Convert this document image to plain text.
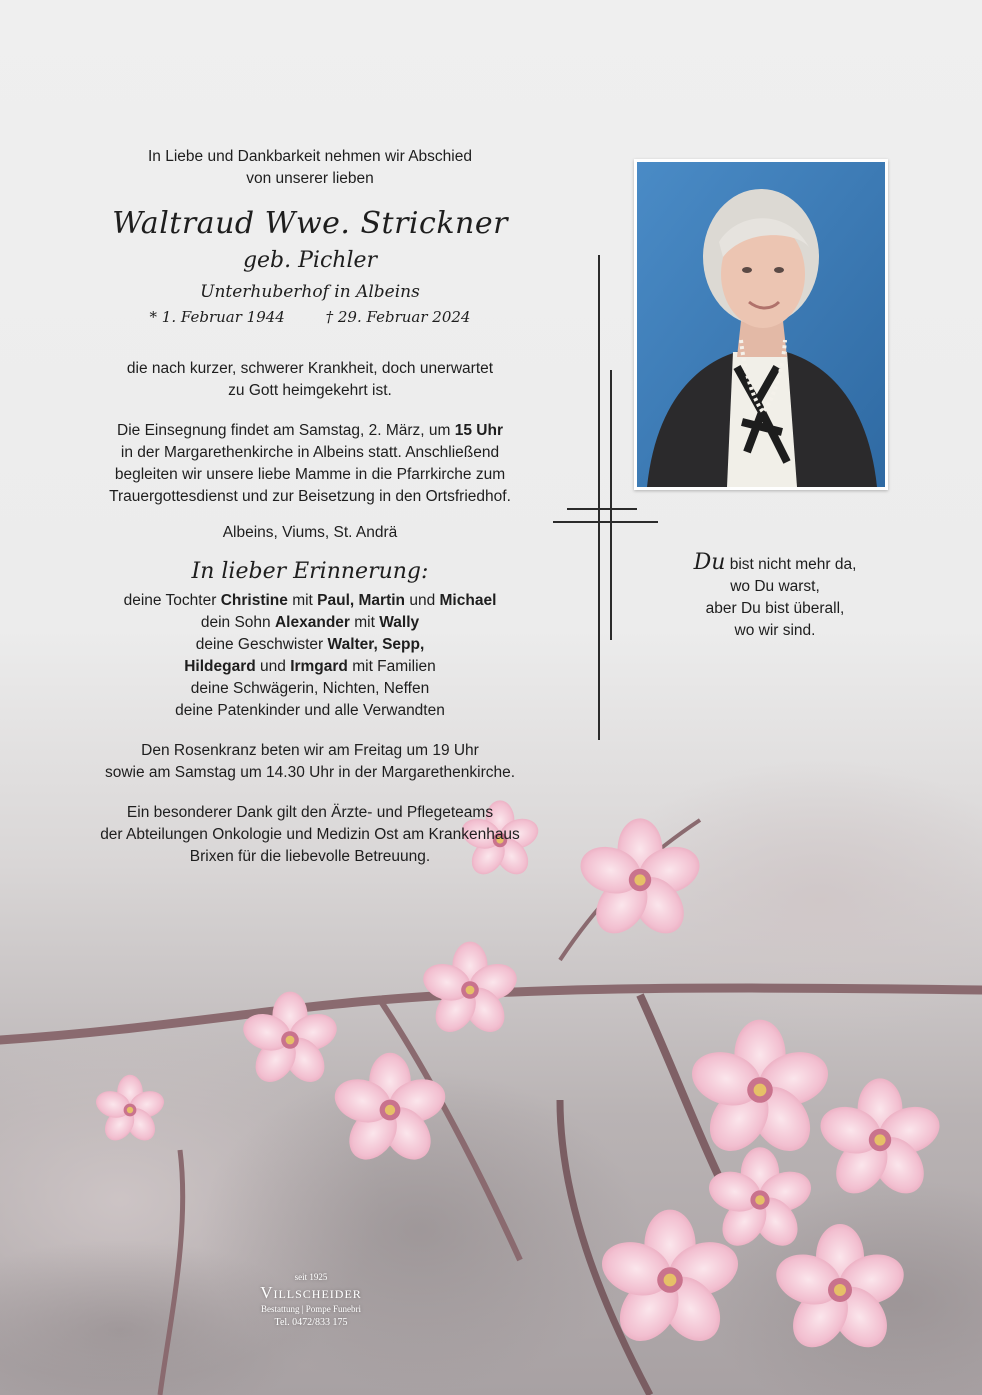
In Liebe und Dankbarkeit nehmen wir Abschied
von unserer lieben

Waltraud Wwe. Strickner
geb. Pichler
Unterhuberhof in Albeins
* 1. Februar 1944	† 29. Februar 2024

die nach kurzer, schwerer Krankheit, doch unerwartet
zu Gott heimgekehrt ist.

Die Einsegnung findet am Samstag, 2. März, um 15 Uhr
in der Margarethenkirche in Albeins statt. Anschließend
begleiten wir unsere liebe Mamme in die Pfarrkirche zum
Trauergottesdienst und zur Beisetzung in den Ortsfriedhof.

Albeins, Viums, St. Andrä

In lieber Erinnerung:

deine Tochter Christine mit Paul, Martin und Michael
dein Sohn Alexander mit Wally
deine Geschwister Walter, Sepp,
Hildegard und Irmgard mit Familien
deine Schwägerin, Nichten, Neffen
deine Patenkinder und alle Verwandten

Den Rosenkranz beten wir am Freitag um 19 Uhr
sowie am Samstag um 14.30 Uhr in der Margarethenkirche.

Ein besonderer Dank gilt den Ärzte- und Pflegeteams
der Abteilungen Onkologie und Medizin Ost am Krankenhaus
Brixen für die liebevolle Betreuung.

Du bist nicht mehr da,
wo Du warst,
aber Du bist überall,
wo wir sind.
seit 1925
Villscheider
Bestattung | Pompe Funebri
Tel. 0472/833 175
